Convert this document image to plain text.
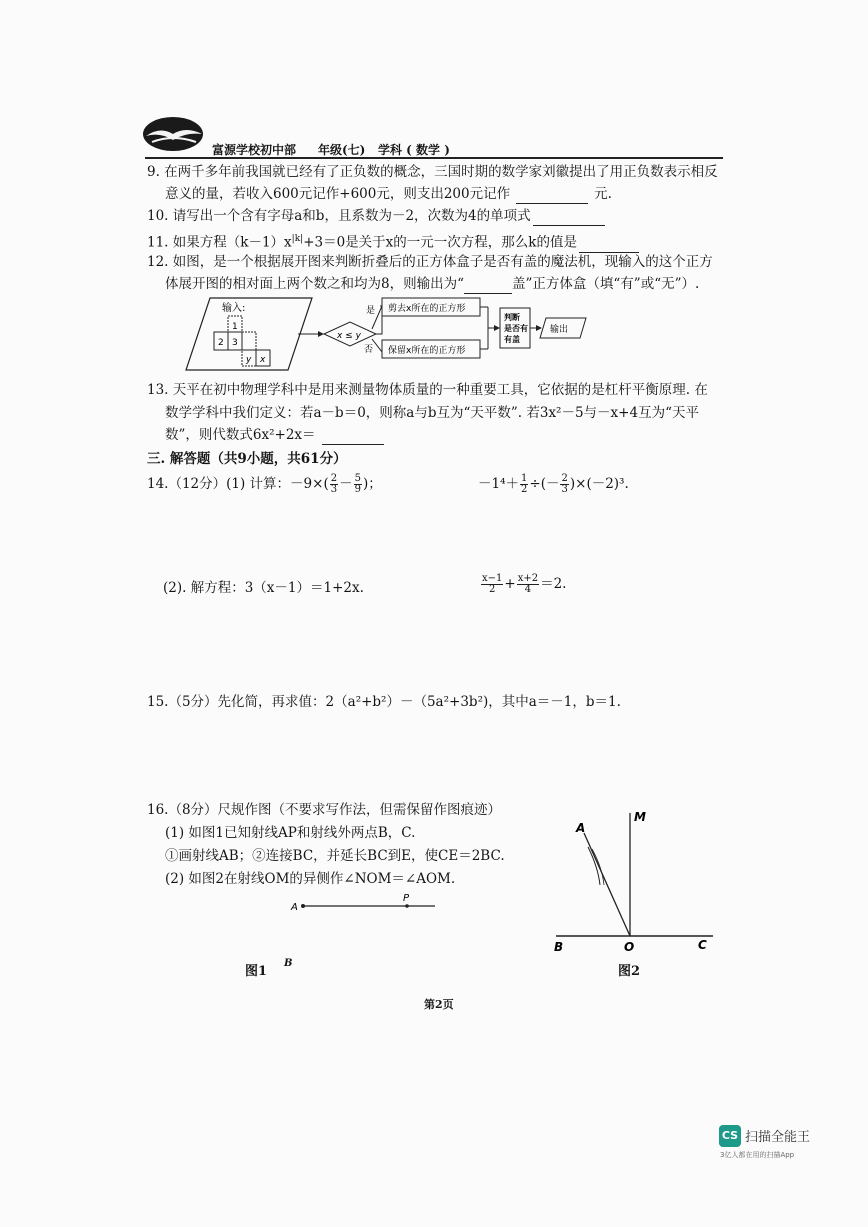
富源学校初中部 年级(七) 学科 ( 数学 )
9. 在两千多年前我国就已经有了正负数的概念，三国时期的数学家刘徽提出了用正负数表示相反
意义的量，若收入600元记作+600元，则支出200元记作	元.
10. 请写出一个含有字母a和b，且系数为－2，次数为4的单项式
11. 如果方程$(k-1)x^{|k|}+3=0$是关于x的一元一次方程，那么k的值是
12. 如图，是一个根据展开图来判断折叠后的正方体盒子是否有盖的魔法机，现输入的这个正方
体展开图的相对面上两个数之和均为8，则输出为“	盖”正方体盒（填“有”或“无”）.
输入:
1
2 3
y x
x ≤ y
是
否
剪去x所在的正方形
保留x所在的正方形
判断
是否有
有盖
输出
13. 天平在初中物理学科中是用来测量物体质量的一种重要工具，它依据的是杠杆平衡原理. 在
数学学科中我们定义：若a－b＝0，则称a与b互为“天平数”. 若3x²－5与－x+4互为“天平
数”，则代数式6x²+2x＝
三. 解答题（共9小题，共61分）
14.（12分）(1) 计算：$-9\times( \frac{2}{3} - \frac{5}{9}$ )；	$-1^4+ \frac{1}{2}$ ÷(－ $\frac{2}{3} )\times(-2)^3$.
(2). 解方程：3（x－1）＝1+2x.	$\frac{x-1}{2} + \frac{x+2}{4} =2$.
15.（5分）先化简，再求值：2（a²+b²）－（5a²+3b²)，其中a＝－1，b＝1.
16.（8分）尺规作图（不要求写作法，但需保留作图痕迹）
(1) 如图1已知射线AP和射线外两点B，C.
①画射线AB；②连接BC，并延长BC到E，使CE＝2BC.
(2) 如图2在射线OM的异侧作∠NOM＝∠AOM.
A
P
图1
B
A
M
B	O	C
图2
第2页
CS 扫描全能王
3亿人都在用的扫描App
